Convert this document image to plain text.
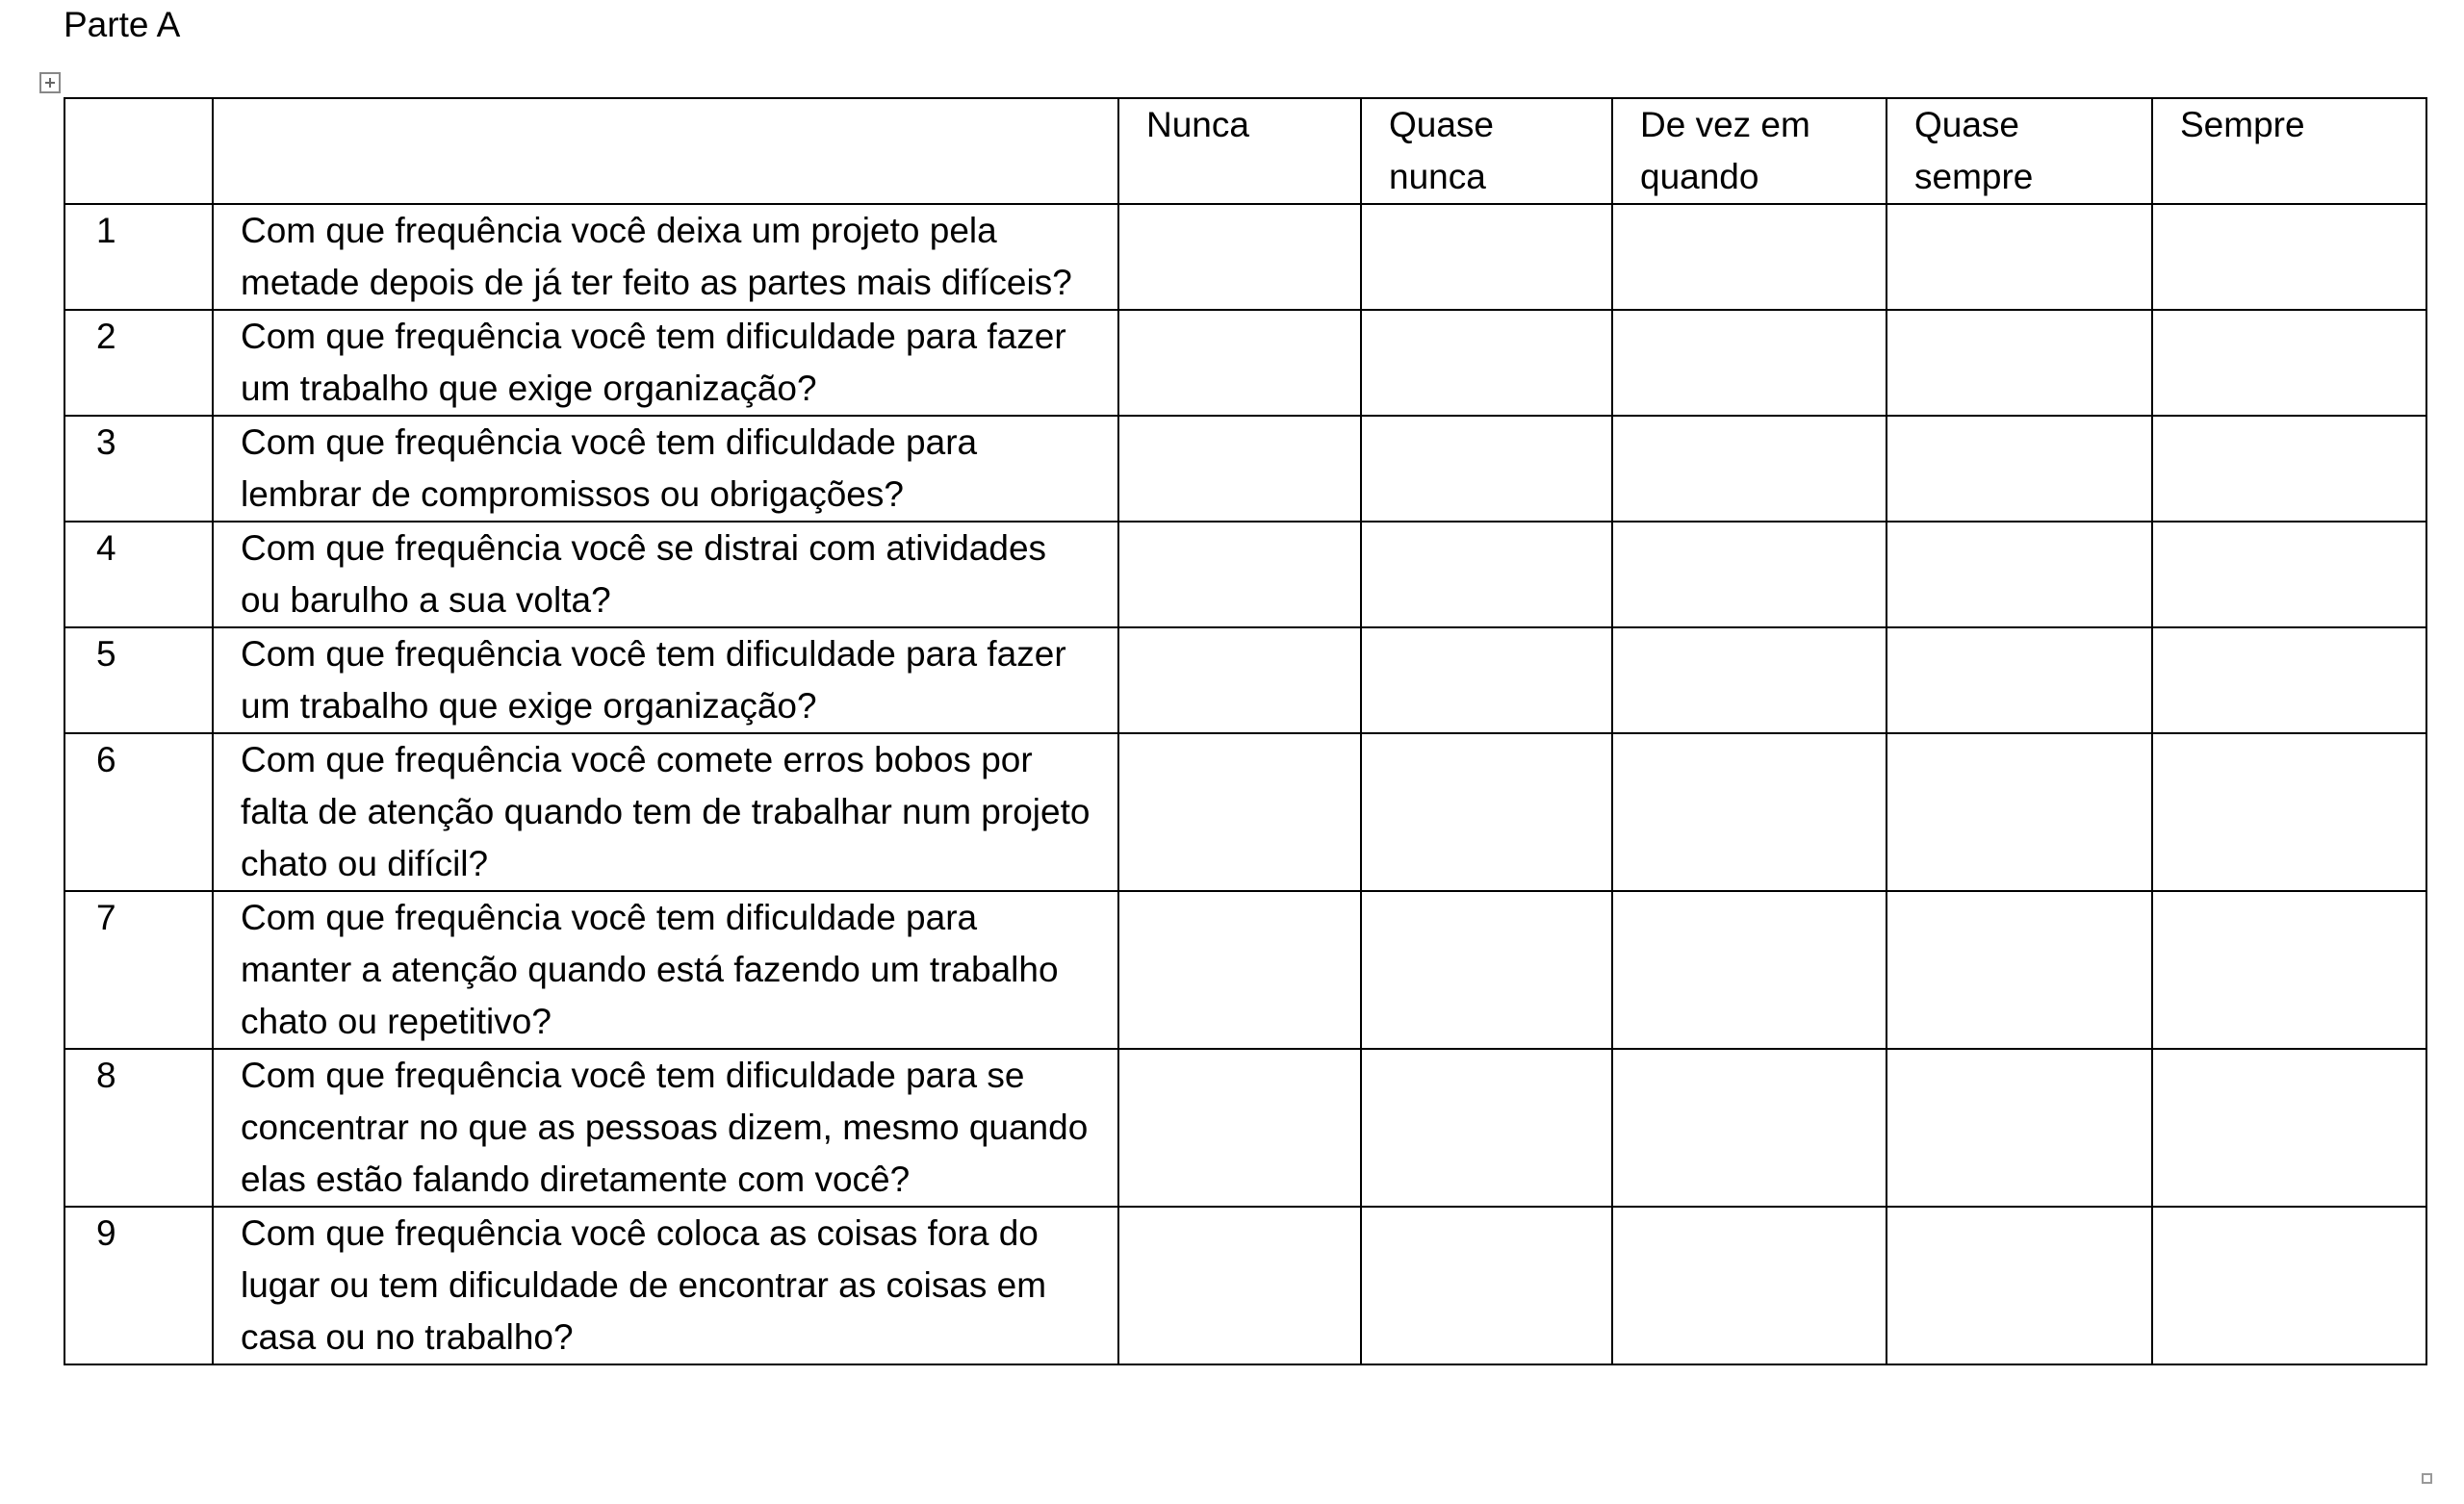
Parte A
		Nunca	Quase nunca	De vez em quando	Quase sempre	Sempre
1	Com que frequência você deixa um projeto pela metade depois de já ter feito as partes mais difíceis?					
2	Com que frequência você tem dificuldade para fazer um trabalho que exige organização?					
3	Com que frequência você tem dificuldade para lembrar de compromissos ou obrigações?					
4	Com que frequência você se distrai com atividades ou barulho a sua volta?					
5	Com que frequência você tem dificuldade para fazer um trabalho que exige organização?					
6	Com que frequência você comete erros bobos por falta de atenção quando tem de trabalhar num projeto chato ou difícil?					
7	Com que frequência você tem dificuldade para manter a atenção quando está fazendo um trabalho chato ou repetitivo?					
8	Com que frequência você tem dificuldade para se concentrar no que as pessoas dizem, mesmo quando elas estão falando diretamente com você?					
9	Com que frequência você coloca as coisas fora do lugar ou tem dificuldade de encontrar as coisas em casa ou no trabalho?					
